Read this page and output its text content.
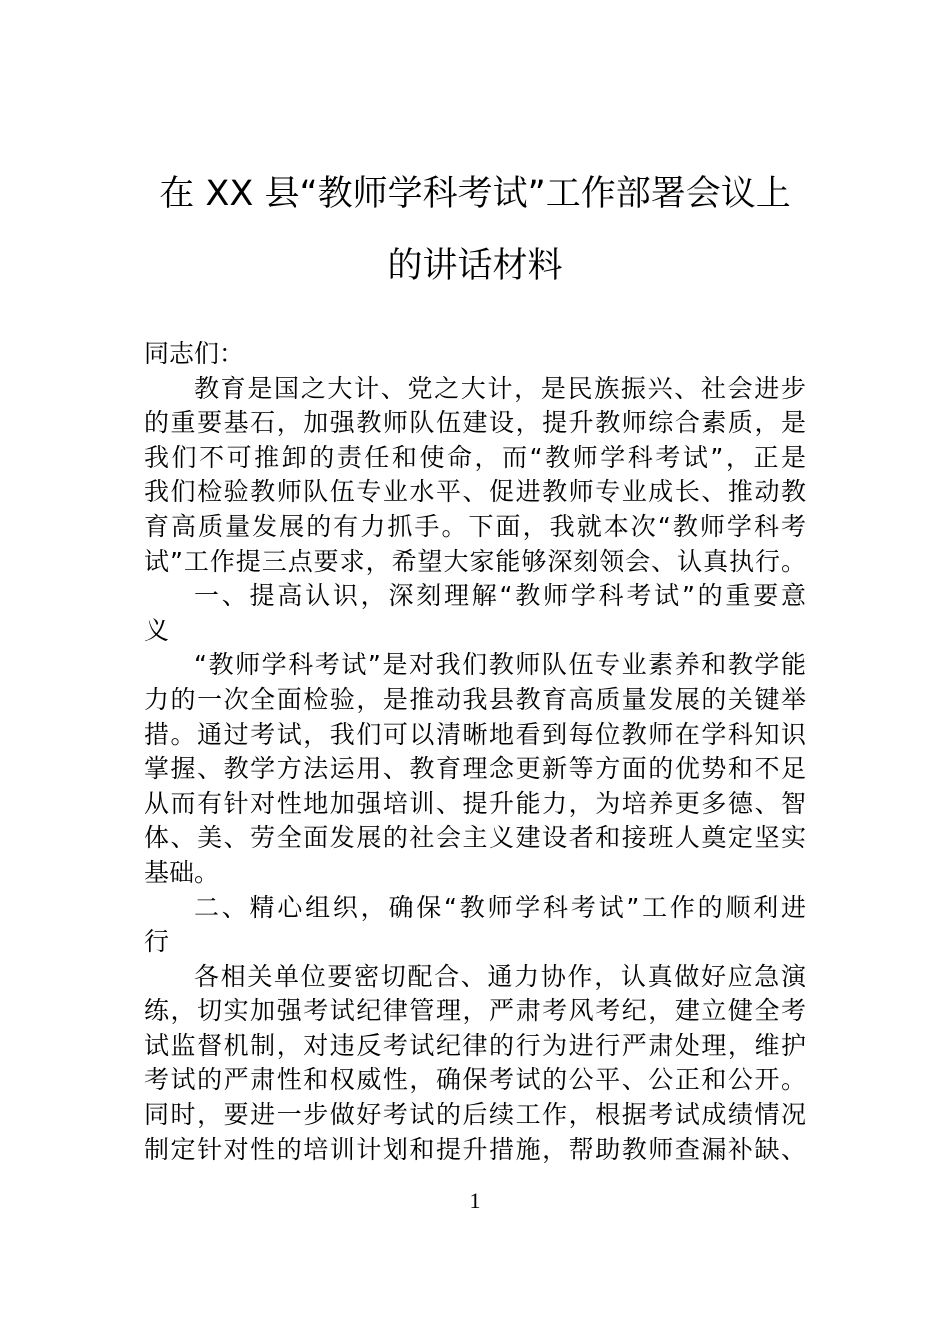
在 XX 县“教师学科考试”工作部署会议上
的讲话材料
同志们：
教育是国之大计、党之大计，是民族振兴、社会进步
的重要基石，加强教师队伍建设，提升教师综合素质，是
我们不可推卸的责任和使命，而“教师学科考试”，正是
我们检验教师队伍专业水平、促进教师专业成长、推动教
育高质量发展的有力抓手。下面，我就本次“教师学科考
试”工作提三点要求，希望大家能够深刻领会、认真执行。
一、提高认识，深刻理解“教师学科考试”的重要意
义
“教师学科考试”是对我们教师队伍专业素养和教学能
力的一次全面检验，是推动我县教育高质量发展的关键举
措。通过考试，我们可以清晰地看到每位教师在学科知识
掌握、教学方法运用、教育理念更新等方面的优势和不足
从而有针对性地加强培训、提升能力，为培养更多德、智
体、美、劳全面发展的社会主义建设者和接班人奠定坚实
基础。
二、精心组织，确保“教师学科考试”工作的顺利进
行
各相关单位要密切配合、通力协作，认真做好应急演
练，切实加强考试纪律管理，严肃考风考纪，建立健全考
试监督机制，对违反考试纪律的行为进行严肃处理，维护
考试的严肃性和权威性，确保考试的公平、公正和公开。
同时，要进一步做好考试的后续工作，根据考试成绩情况
制定针对性的培训计划和提升措施，帮助教师查漏补缺、
1
